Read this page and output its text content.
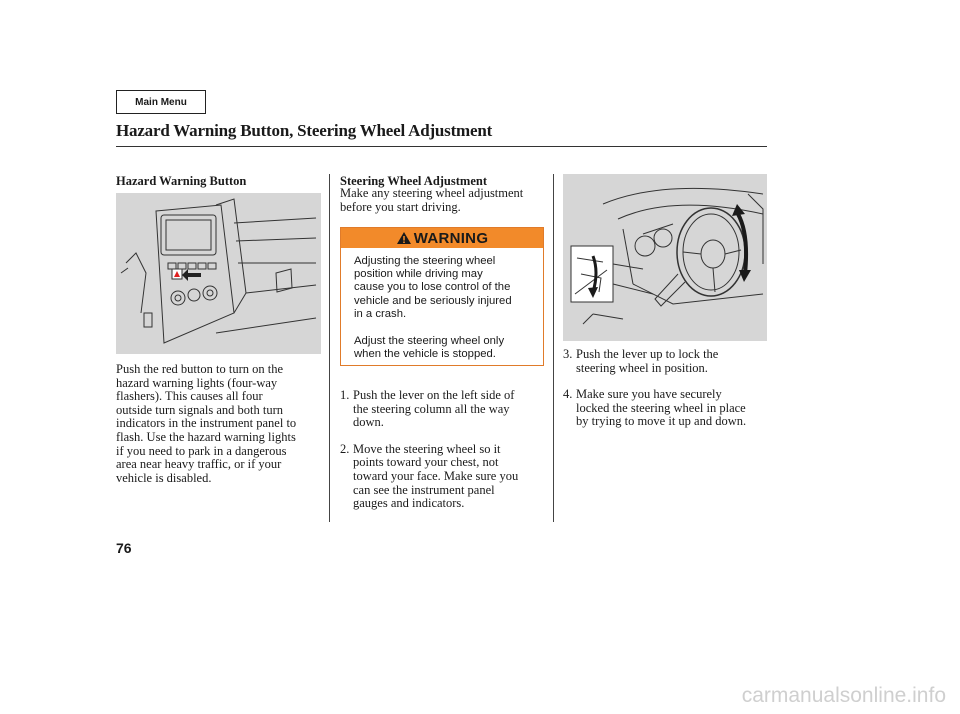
Main Menu
Hazard Warning Button, Steering Wheel Adjustment
Hazard Warning Button
Push the red button to turn on the
hazard warning lights (four-way
flashers). This causes all four
outside turn signals and both turn
indicators in the instrument panel to
flash. Use the hazard warning lights
if you need to park in a dangerous
area near heavy traffic, or if your
vehicle is disabled.
Steering Wheel Adjustment
Make any steering wheel adjustment
before you start driving.
WARNING
Adjusting the steering wheel
position while driving may
cause you to lose control of the
vehicle and be seriously injured
in a crash.
Adjust the steering wheel only
when the vehicle is stopped.
1. Push the lever on the left side of
the steering column all the way
down.
2. Move the steering wheel so it
points toward your chest, not
toward your face. Make sure you
can see the instrument panel
gauges and indicators.
3. Push the lever up to lock the
steering wheel in position.
4. Make sure you have securely
locked the steering wheel in place
by trying to move it up and down.
76
carmanualsonline.info
